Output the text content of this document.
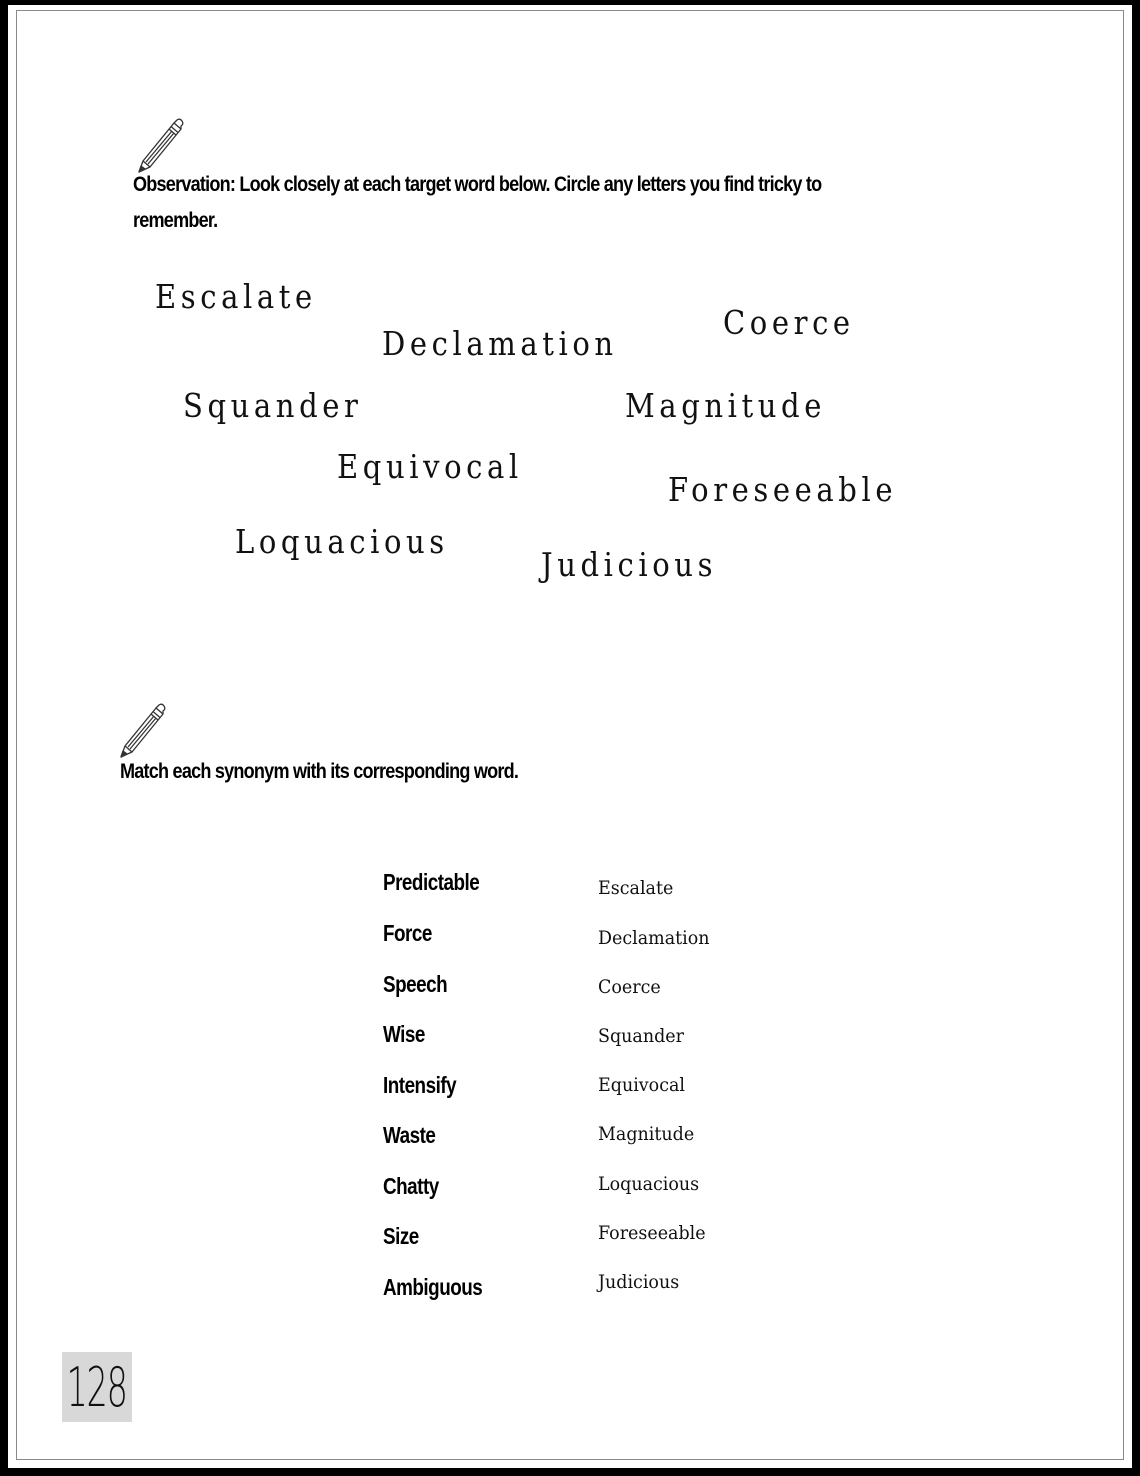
Observation: Look closely at each target word below. Circle any letters you find tricky to
remember.
Escalate
Declamation
Coerce
Squander	Magnitude
Equivocal
Foreseeable
Loquacious
Judicious
Match each synonym with its corresponding word.
Predictable
Force
Speech
Wise
Intensify
Waste
Chatty
Size
Ambiguous
Escalate
Declamation
Coerce
Squander
Equivocal
Magnitude
Loquacious
Foreseeable
Judicious
128
